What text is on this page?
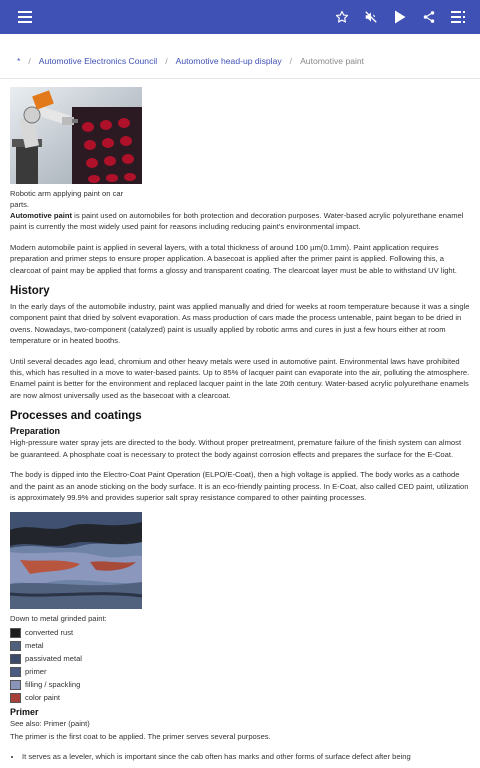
* / Automotive Electronics Council / Automotive head-up display / Automotive paint
Robotic arm applying paint on car parts.

Automotive paint is paint used on automobiles for both protection and decoration purposes. Water-based acrylic polyurethane enamel paint is currently the most widely used paint for reasons including reducing paint's environmental impact.

Modern automobile paint is applied in several layers, with a total thickness of around 100 µm(0.1mm). Paint application requires preparation and primer steps to ensure proper application. A basecoat is applied after the primer paint is applied. Following this, a clearcoat of paint may be applied that forms a glossy and transparent coating. The clearcoat layer must be able to withstand UV light.

History

In the early days of the automobile industry, paint was applied manually and dried for weeks at room temperature because it was a single component paint that dried by solvent evaporation. As mass production of cars made the process untenable, paint began to be dried in ovens. Nowadays, two-component (catalyzed) paint is usually applied by robotic arms and cures in just a few hours either at room temperature or in heated booths.

Until several decades ago lead, chromium and other heavy metals were used in automotive paint. Environmental laws have prohibited this, which has resulted in a move to water-based paints. Up to 85% of lacquer paint can evaporate into the air, polluting the atmosphere. Enamel paint is better for the environment and replaced lacquer paint in the late 20th century. Water-based acrylic polyurethane enamels are now almost universally used as the basecoat with a clearcoat.

Processes and coatings
Preparation

High-pressure water spray jets are directed to the body. Without proper pretreatment, premature failure of the finish system can almost be guaranteed. A phosphate coat is necessary to protect the body against corrosion effects and prepares the surface for the E-Coat.

The body is dipped into the Electro-Coat Paint Operation (ELPO/E-Coat), then a high voltage is applied. The body works as a cathode and the paint as an anode sticking on the body surface. It is an eco-friendly painting process. In E-Coat, also called CED paint, utilization is approximately 99.9% and provides superior salt spray resistance compared to other painting processes.

Down to metal grinded paint:
converted rust
metal
passivated metal
primer
filling / spackling
color paint
Primer

See also: Primer (paint)

The primer is the first coat to be applied. The primer serves several purposes.

• It serves as a leveler, which is important since the cab often has marks and other forms of surface defect after being
